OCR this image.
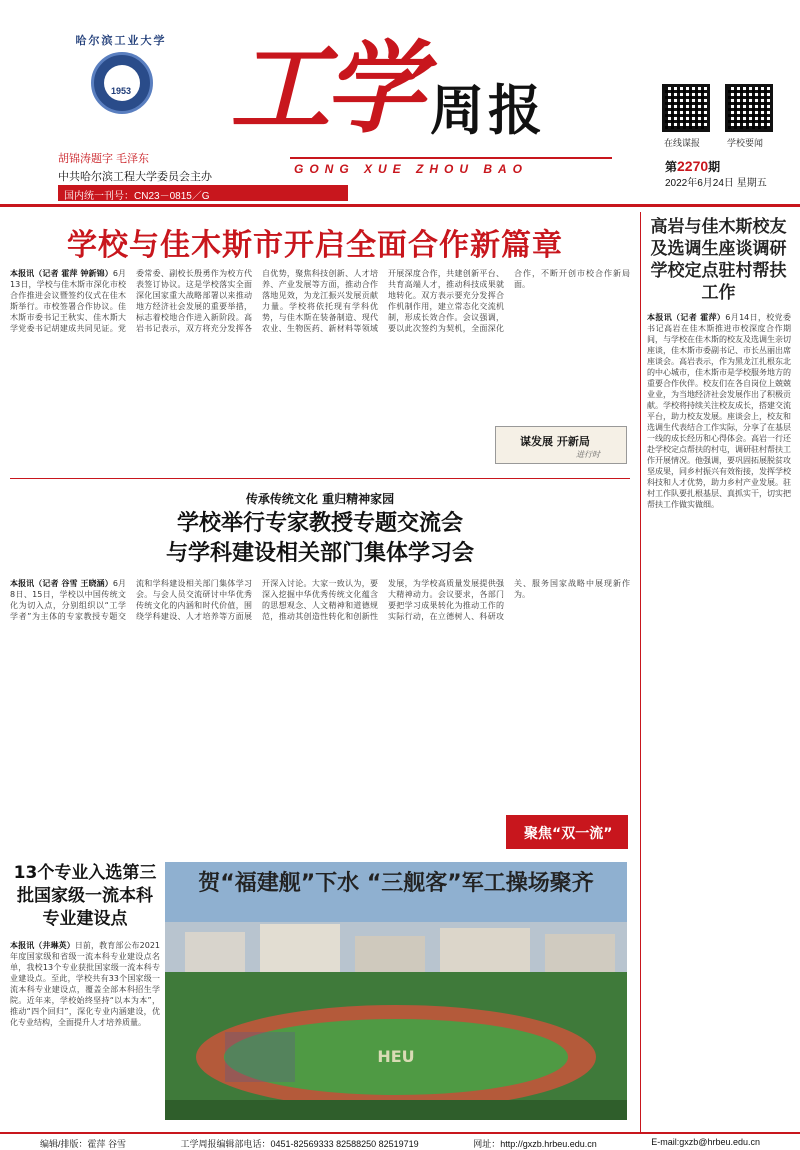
哈尔滨工业大学
1953
胡锦涛题字 毛泽东
中共哈尔滨工程大学委员会主办
国内统一刊号：CN23－0815／G
工学 周报
GONG XUE ZHOU BAO
在线谋报	学校要闻
第2270期
2022年6月24日 星期五
学校与佳木斯市开启全面合作新篇章
本报讯（记者 霍萍 钟新锦）6月13日，学校与佳木斯市深化市校合作推进会议暨签约仪式在佳木斯举行。市校签署合作协议。佳木斯市委书记王秋实、佳木斯大学党委书记胡建成共同见证。党委常委、副校长殷勇作为校方代表签订协议。这是学校落实全面深化国家重大战略部署以来推动地方经济社会发展的重要举措，标志着校地合作进入新阶段。高岩书记表示，双方将充分发挥各自优势，聚焦科技创新、人才培养、产业发展等方面，推动合作落地见效，为龙江振兴发展贡献力量。学校将依托现有学科优势，与佳木斯在装备制造、现代农业、生物医药、新材料等领域开展深度合作，共建创新平台、共育高端人才，推动科技成果就地转化。双方表示要充分发挥合作机制作用，建立常态化交流机制，形成长效合作。会议强调，要以此次签约为契机，全面深化合作，不断开创市校合作新局面。
谋发展 开新局
进行时
传承传统文化 重归精神家园
学校举行专家教授专题交流会
与学科建设相关部门集体学习会
本报讯（记者 谷雪 王晓涵）6月8日、15日，学校以中国传统文化为切入点，分别组织以“工学学者”为主体的专家教授专题交流和学科建设相关部门集体学习会。与会人员交流研讨中华优秀传统文化的内涵和时代价值，围绕学科建设、人才培养等方面展开深入讨论。大家一致认为，要深入挖掘中华优秀传统文化蕴含的思想观念、人文精神和道德规范，推动其创造性转化和创新性发展，为学校高质量发展提供强大精神动力。会议要求，各部门要把学习成果转化为推动工作的实际行动，在立德树人、科研攻关、服务国家战略中展现新作为。
聚焦“双一流”
13个专业入选第三批国家级一流本科专业建设点
本报讯（井琳英）日前，教育部公布2021年度国家级和省级一流本科专业建设点名单，我校13个专业获批国家级一流本科专业建设点。至此，学校共有33个国家级一流本科专业建设点，覆盖全部本科招生学院。近年来，学校始终坚持“以本为本”，推动“四个回归”，深化专业内涵建设，优化专业结构，全面提升人才培养质量。
HEU
贺“福建舰”下水 “三舰客”军工操场聚齐
高岩与佳木斯校友及选调生座谈调研学校定点驻村帮扶工作
本报讯（记者 霍萍）6月14日，校党委书记高岩在佳木斯推进市校深度合作期间，与学校在佳木斯的校友及选调生亲切座谈，佳木斯市委副书记、市长丛丽出席座谈会。高岩表示，作为黑龙江扎根东北的中心城市，佳木斯市是学校服务地方的重要合作伙伴。校友们在各自岗位上兢兢业业，为当地经济社会发展作出了积极贡献。学校将持续关注校友成长，搭建交流平台，助力校友发展。座谈会上，校友和选调生代表结合工作实际，分享了在基层一线的成长经历和心得体会。高岩一行还赴学校定点帮扶的村屯，调研驻村帮扶工作开展情况。他强调，要巩固拓展脱贫攻坚成果，同乡村振兴有效衔接，发挥学校科技和人才优势，助力乡村产业发展。驻村工作队要扎根基层、真抓实干，切实把帮扶工作做实做细。
编辑/排版：霍萍 谷雪	工学周报编辑部电话：0451-82569333 82588250 82519719	网址：http://gxzb.hrbeu.edu.cn	E-mail:gxzb@hrbeu.edu.cn
